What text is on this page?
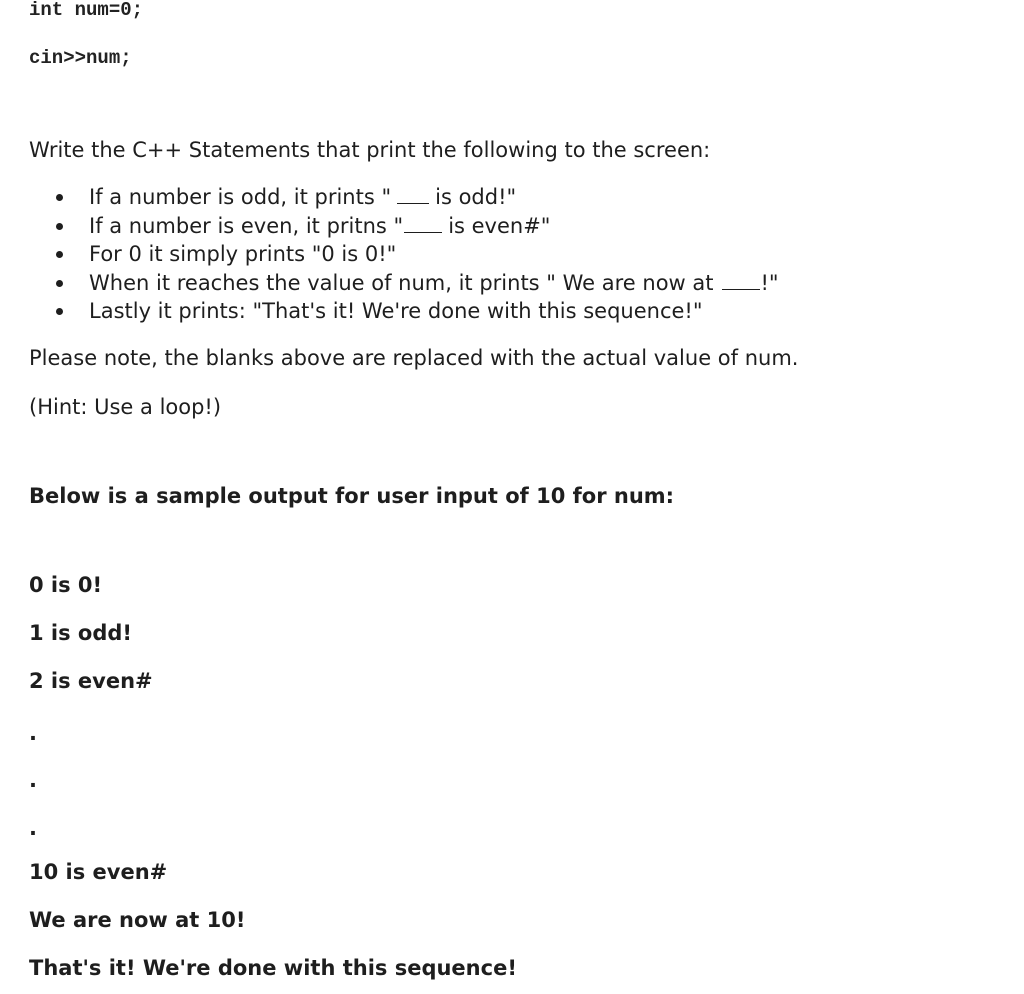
int num=0;
cin>>num;

Write the C++ Statements that print the following to the screen:

If a number is odd, it prints " is odd!"
If a number is even, it pritns " is even#"
For 0 it simply prints "0 is 0!"
When it reaches the value of num, it prints " We are now at !"
Lastly it prints: "That's it! We're done with this sequence!"

Please note, the blanks above are replaced with the actual value of num.

(Hint: Use a loop!)

Below is a sample output for user input of 10 for num:

0 is 0!

1 is odd!

2 is even#

.
.
.

10 is even#

We are now at 10!

That's it! We're done with this sequence!
